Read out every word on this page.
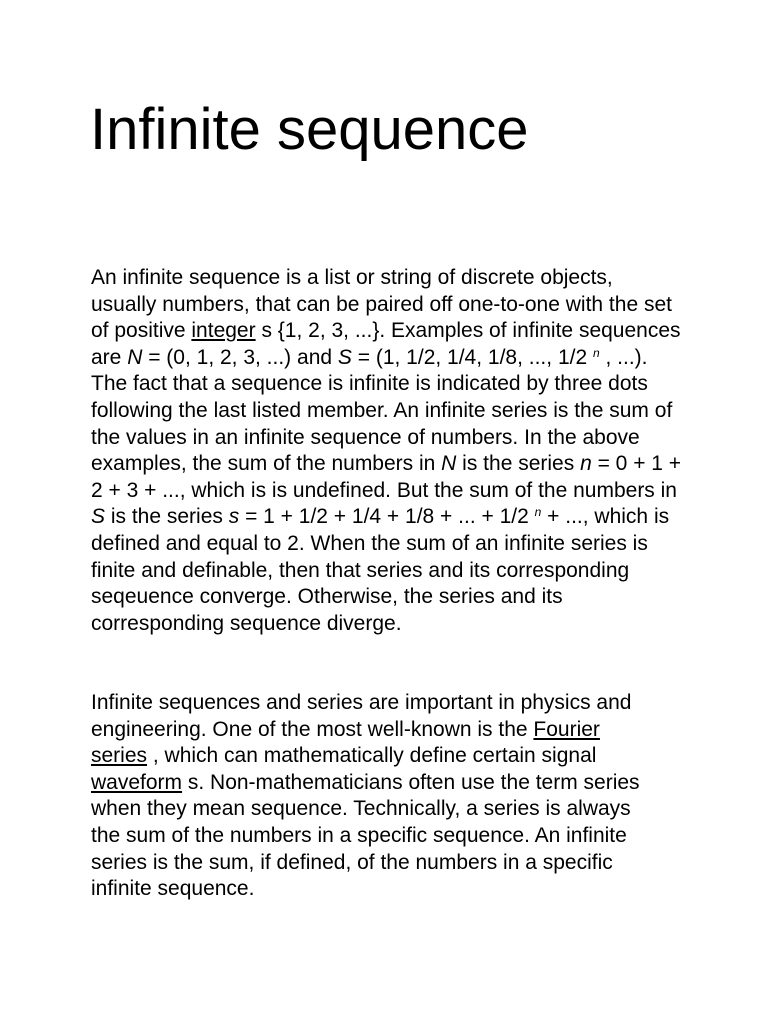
Infinite sequence

An infinite sequence is a list or string of discrete objects, usually numbers, that can be paired off one-to-one with the set of positive integer s {1, 2, 3, ...}. Examples of infinite sequences are N = (0, 1, 2, 3, ...) and S = (1, 1/2, 1/4, 1/8, ..., 1/2 $^n$ , ...). The fact that a sequence is infinite is indicated by three dots following the last listed member. An infinite series is the sum of the values in an infinite sequence of numbers. In the above examples, the sum of the numbers in N is the series n = 0 + 1 + 2 + 3 + ..., which is is undefined. But the sum of the numbers in S is the series s = 1 + 1/2 + 1/4 + 1/8 + ... + 1/2 $^n$ + ..., which is defined and equal to 2. When the sum of an infinite series is finite and definable, then that series and its corresponding seqeuence converge. Otherwise, the series and its corresponding sequence diverge.

Infinite sequences and series are important in physics and engineering. One of the most well-known is the Fourier series , which can mathematically define certain signal waveform s. Non-mathematicians often use the term series when they mean sequence. Technically, a series is always the sum of the numbers in a specific sequence. An infinite series is the sum, if defined, of the numbers in a specific infinite sequence.
